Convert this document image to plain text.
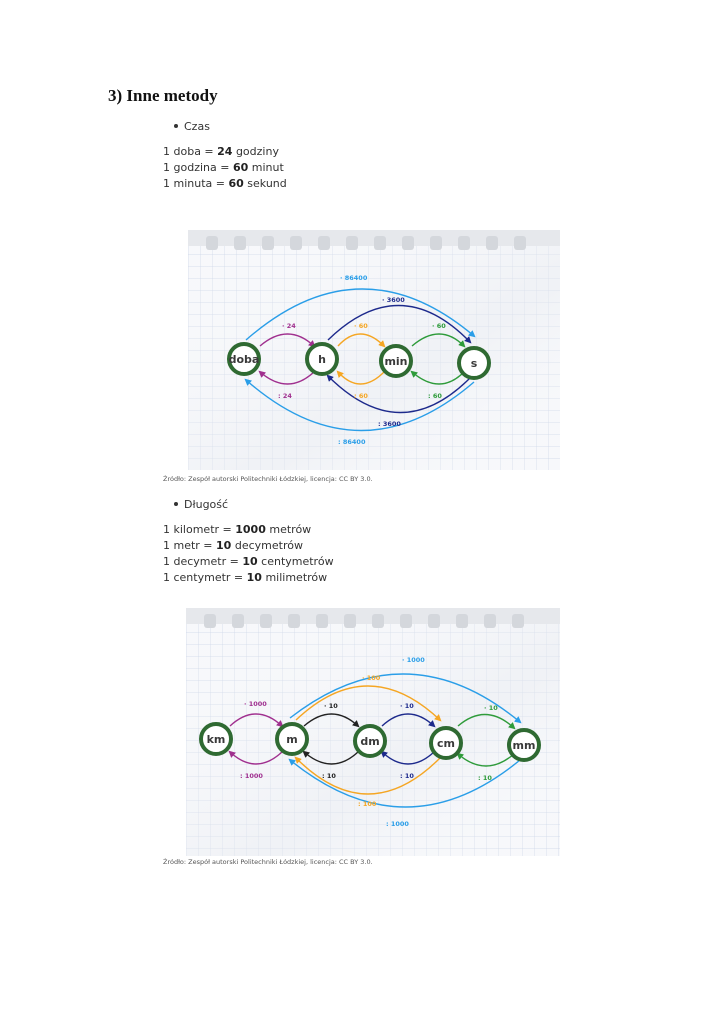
3) Inne metody
Czas
1 doba = 24 godziny
1 godzina = 60 minut
1 minuta = 60 sekund
· 24
: 24
· 60
: 60
· 60
: 60
· 3600
: 3600
· 86400
: 86400
doba	h	min	s
Źródło: Zespół autorski Politechniki Łódzkiej, licencja: CC BY 3.0.
Długość
1 kilometr = 1000 metrów
1 metr = 10 decymetrów
1 decymetr = 10 centymetrów
1 centymetr = 10 milimetrów
· 1000
: 1000
· 10
: 10
· 10
: 10
· 10
: 10
· 100
: 100
· 1000
: 1000
km	m	dm	cm	mm
Źródło: Zespół autorski Politechniki Łódzkiej, licencja: CC BY 3.0.
